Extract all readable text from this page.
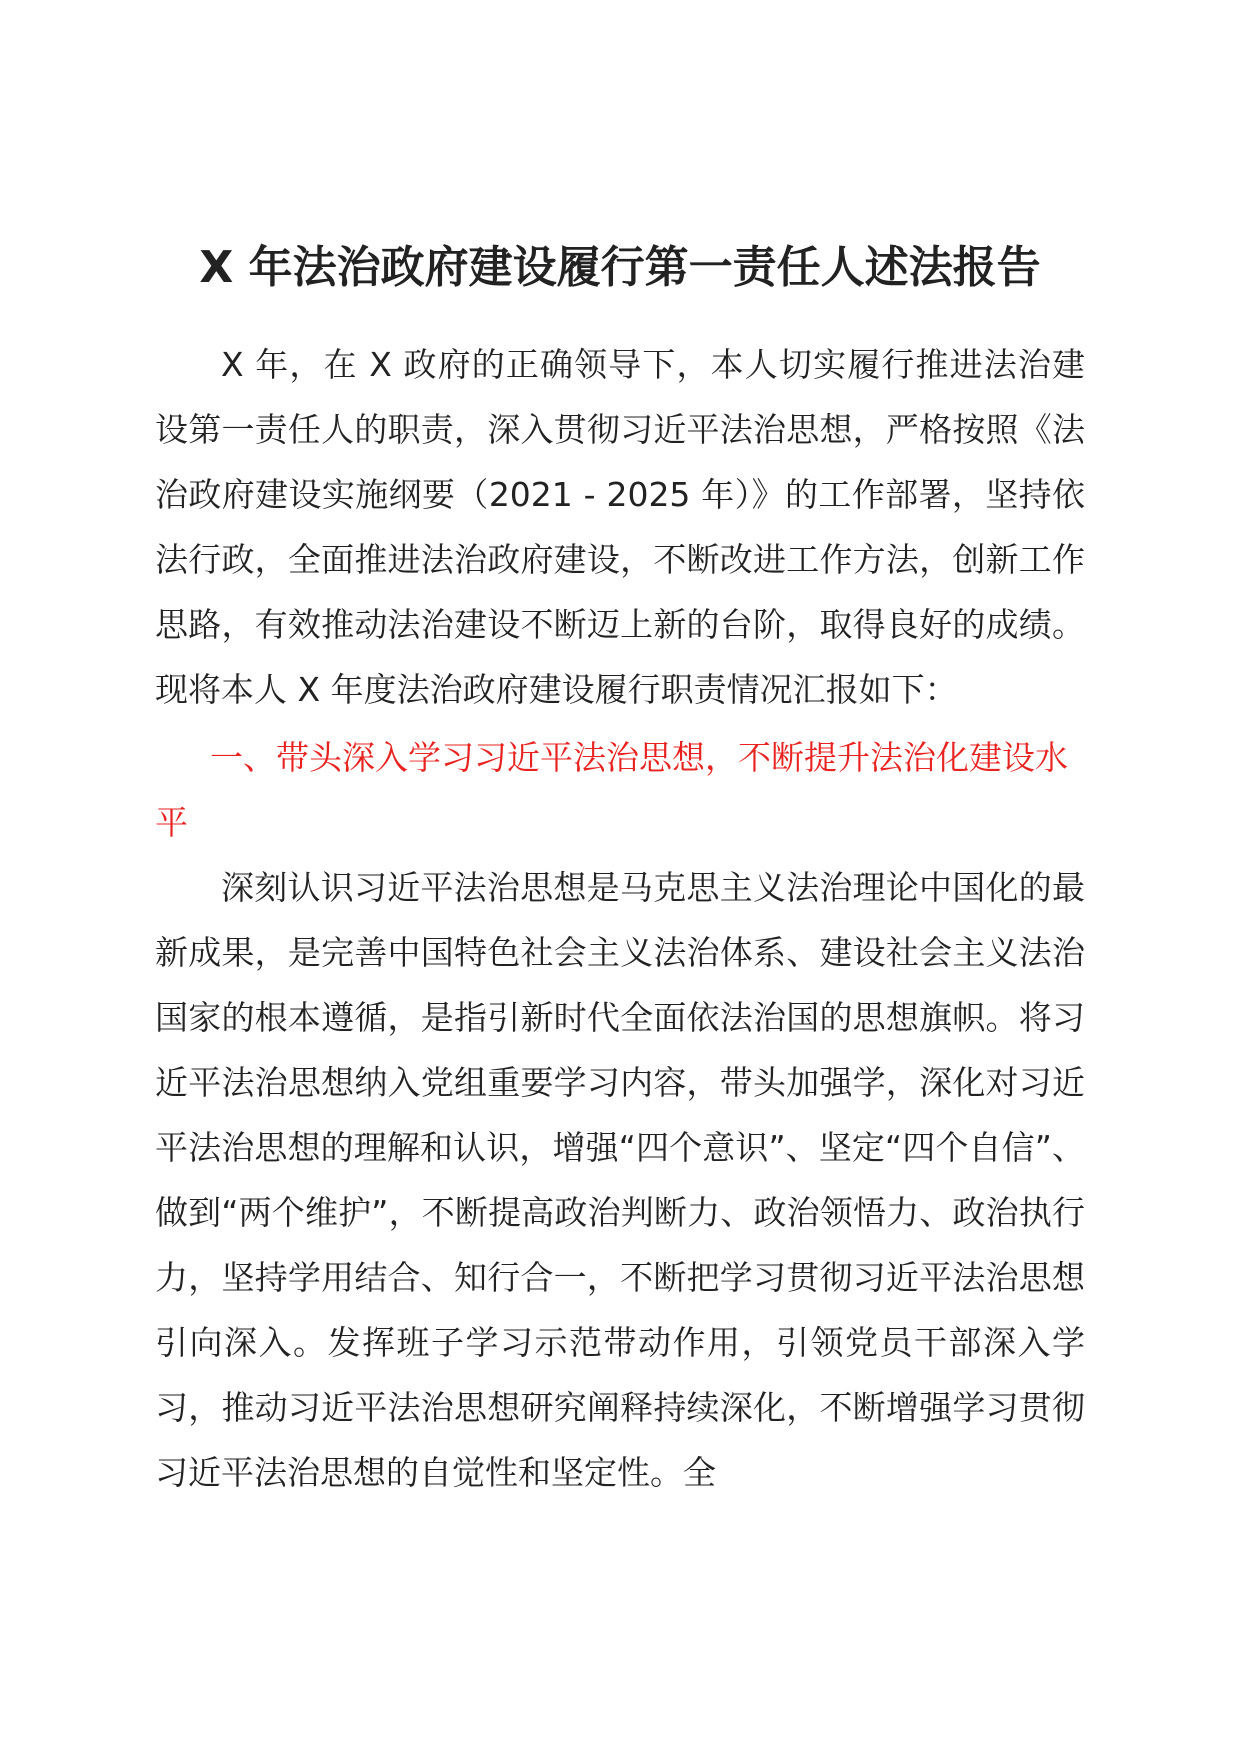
X 年法治政府建设履行第一责任人述法报告

X 年，在 X 政府的正确领导下，本人切实履行推进法治建设第一责任人的职责，深入贯彻习近平法治思想，严格按照《法治政府建设实施纲要（2021 - 2025 年）》的工作部署，坚持依法行政，全面推进法治政府建设，不断改进工作方法，创新工作思路，有效推动法治建设不断迈上新的台阶，取得良好的成绩。现将本人 X 年度法治政府建设履行职责情况汇报如下：

一、带头深入学习习近平法治思想，不断提升法治化建设水平

深刻认识习近平法治思想是马克思主义法治理论中国化的最新成果，是完善中国特色社会主义法治体系、建设社会主义法治国家的根本遵循，是指引新时代全面依法治国的思想旗帜。将习近平法治思想纳入党组重要学习内容，带头加强学，深化对习近平法治思想的理解和认识，增强“四个意识”、坚定“四个自信”、做到“两个维护”，不断提高政治判断力、政治领悟力、政治执行力，坚持学用结合、知行合一，不断把学习贯彻习近平法治思想引向深入。发挥班子学习示范带动作用，引领党员干部深入学习，推动习近平法治思想研究阐释持续深化，不断增强学习贯彻习近平法治思想的自觉性和坚定性。全
